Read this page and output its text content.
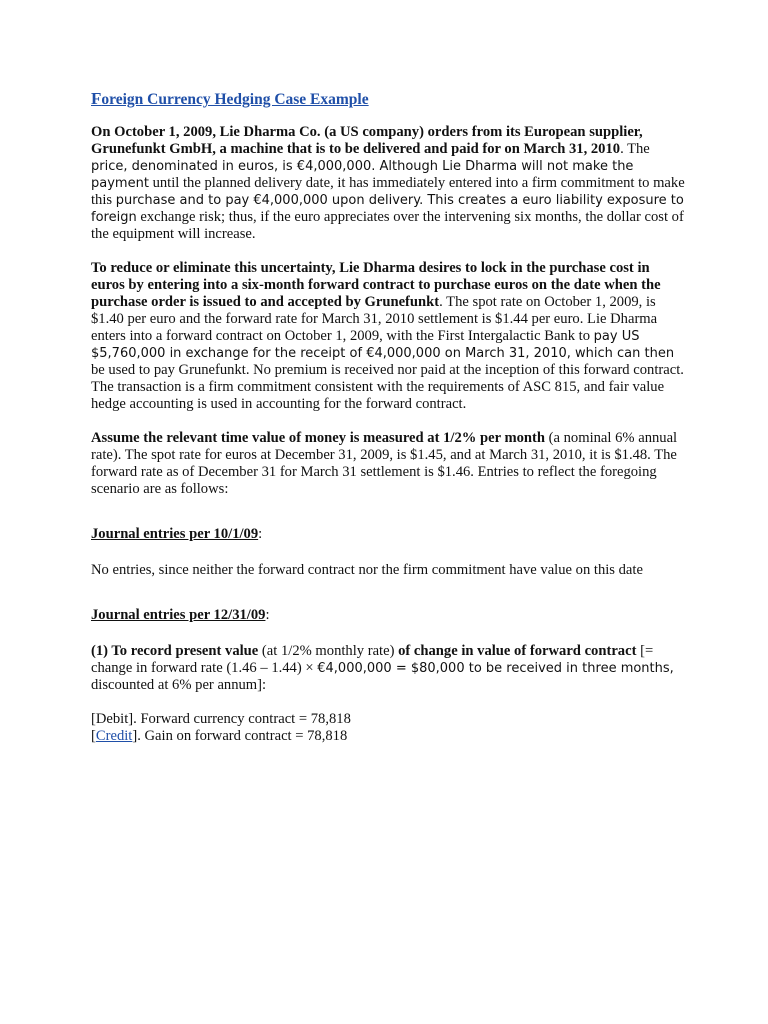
Foreign Currency Hedging Case Example

On October 1, 2009, Lie Dharma Co. (a US company) orders from its European supplier, Grunefunkt GmbH, a machine that is to be delivered and paid for on March 31, 2010. The price, denominated in euros, is €4,000,000. Although Lie Dharma will not make the payment until the planned delivery date, it has immediately entered into a firm commitment to make this purchase and to pay €4,000,000 upon delivery. This creates a euro liability exposure to foreign exchange risk; thus, if the euro appreciates over the intervening six months, the dollar cost of the equipment will increase.

To reduce or eliminate this uncertainty, Lie Dharma desires to lock in the purchase cost in euros by entering into a six-month forward contract to purchase euros on the date when the purchase order is issued to and accepted by Grunefunkt. The spot rate on October 1, 2009, is $1.40 per euro and the forward rate for March 31, 2010 settlement is $1.44 per euro. Lie Dharma enters into a forward contract on October 1, 2009, with the First Intergalactic Bank to pay US $5,760,000 in exchange for the receipt of €4,000,000 on March 31, 2010, which can then be used to pay Grunefunkt. No premium is received nor paid at the inception of this forward contract. The transaction is a firm commitment consistent with the requirements of ASC 815, and fair value hedge accounting is used in accounting for the forward contract.

Assume the relevant time value of money is measured at 1/2% per month (a nominal 6% annual rate). The spot rate for euros at December 31, 2009, is $1.45, and at March 31, 2010, it is $1.48. The forward rate as of December 31 for March 31 settlement is $1.46. Entries to reflect the foregoing scenario are as follows:

Journal entries per 10/1/09:

No entries, since neither the forward contract nor the firm commitment have value on this date

Journal entries per 12/31/09:

(1) To record present value (at 1/2% monthly rate) of change in value of forward contract [= change in forward rate (1.46 – 1.44) × €4,000,000 = $80,000 to be received in three months, discounted at 6% per annum]:

[Debit]. Forward currency contract = 78,818

[Credit]. Gain on forward contract = 78,818
